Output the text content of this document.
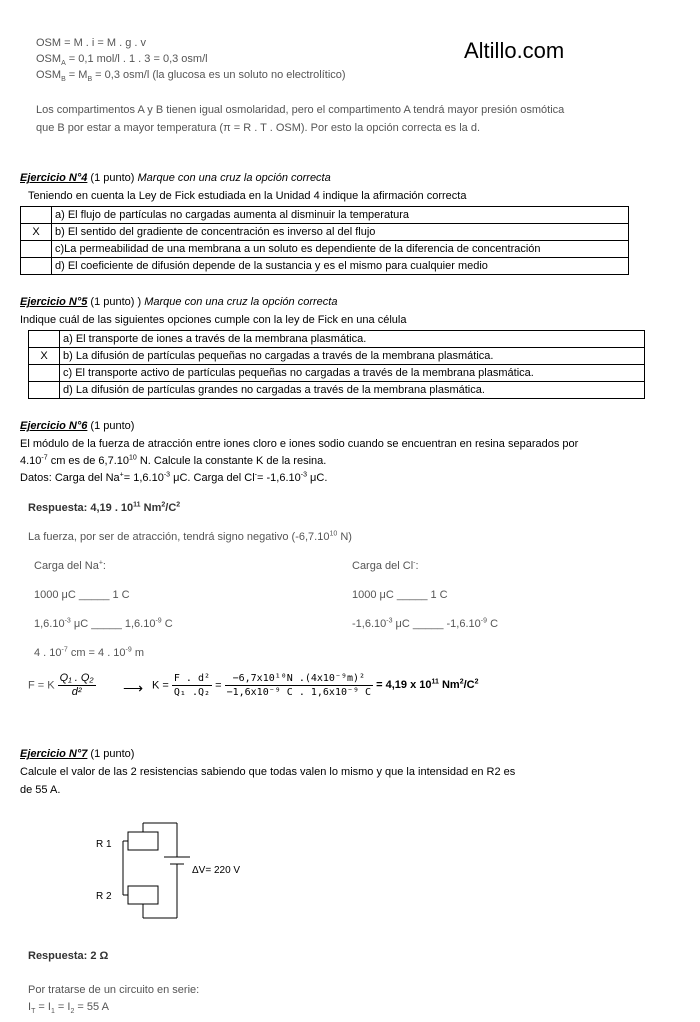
Altillo.com
OSM = M . i = M . g . v
$OSM_A = 0,1$ mol/l . 1 . 3 = 0,3 osm/l
$OSM_B = M_B = 0,3$ osm/l (la glucosa es un soluto no electrolítico)
Los compartimentos A y B tienen igual osmolaridad, pero el compartimento A tendrá mayor presión osmótica
que B por estar a mayor temperatura (π = R . T . OSM). Por esto la opción correcta es la d.
Ejercicio N°4 (1 punto) Marque con una cruz la opción correcta
Teniendo en cuenta la Ley de Fick estudiada en la Unidad 4 indique la afirmación correcta
	a) El flujo de partículas no cargadas aumenta al disminuir la temperatura
X	b) El sentido del gradiente de concentración es inverso al del flujo
	c)La permeabilidad de una membrana a un soluto es dependiente de la diferencia de concentración
	d) El coeficiente de difusión depende de la sustancia y es el mismo para cualquier medio
Ejercicio N°5 (1 punto) ) Marque con una cruz la opción correcta
Indique cuál de las siguientes opciones cumple con la ley de Fick en una célula
	a) El transporte de iones a través de la membrana plasmática.
X	b) La difusión de partículas pequeñas no cargadas a través de la membrana plasmática.
	c) El transporte activo de partículas pequeñas no cargadas a través de la membrana plasmática.
	d) La difusión de partículas grandes no cargadas a través de la membrana plasmática.
Ejercicio N°6 (1 punto)
El módulo de la fuerza de atracción entre iones cloro e iones sodio cuando se encuentran en resina separados por
$4.10^{-7}$ cm es de 6,7.10$^{10}$ N. Calcule la constante K de la resina.
Datos: Carga del $Na^+= 1,6.10^{-3}$ μC. Carga del $Cl^-= -1,6.10^{-3}$ μC.
Respuesta: 4,19 . $10^{11}$ $Nm^2/C^2$
La fuerza, por ser de atracción, tendrá signo negativo (-6,7.10$^{10}$ N)
Carga del Na+:	Carga del Cl-:
1000 μC _____ 1 C	1000 μC _____ 1 C
$1,6.10^{-3}$ μC _____ $1,6.10^{-9}$ C	$-1,6.10^{-3}$ μC _____ $-1,6.10^{-9}$ C
4 . $10^{-7}$ cm = 4 . $10^{-9}$ m
F = K $\frac{\text{Q₁ . Q₂}}{\text{d²}}$ ⟶ $K = \frac{\text{F . d²}}{\text{Q₁ .Q₂}} = \frac{\text{−6,7x10¹⁰N .(4x10⁻⁹m)²}}{\text{−1,6x10⁻⁹ C . 1,6x10⁻⁹ C}} = 4,19$ x $10^{11}$ $Nm^2/C^2$
Ejercicio N°7 (1 punto)
Calcule el valor de las 2 resistencias sabiendo que todas valen lo mismo y que la intensidad en R2 es
de 55 A.
R 1
R 2
ΔV= 220 V
Respuesta: 2 Ω
Por tratarse de un circuito en serie:
$I_T = I_1 = I_2 = 55$ A
